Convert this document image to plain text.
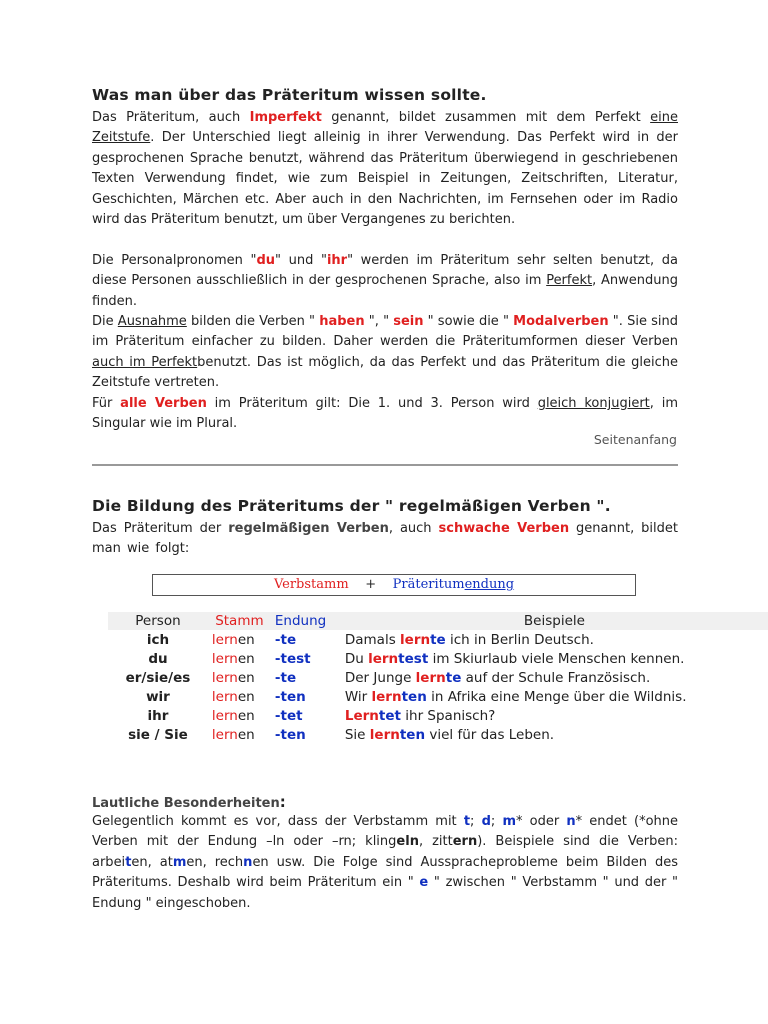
Was man über das Präteritum wissen sollte.

Das Präteritum, auch Imperfekt genannt, bildet zusammen mit dem Perfekt eine Zeitstufe. Der Unterschied liegt alleinig in ihrer Verwendung. Das Perfekt wird in der gesprochenen Sprache benutzt, während das Präteritum überwiegend in geschriebenen Texten Verwendung findet, wie zum Beispiel in Zeitungen, Zeitschriften, Literatur, Geschichten, Märchen etc. Aber auch in den Nachrichten, im Fernsehen oder im Radio wird das Präteritum benutzt, um über Vergangenes zu berichten.

Die Personalpronomen "du" und "ihr" werden im Präteritum sehr selten benutzt, da diese Personen ausschließlich in der gesprochenen Sprache, also im Perfekt, Anwendung finden.

Die Ausnahme bilden die Verben " haben ", " sein " sowie die " Modalverben ". Sie sind im Präteritum einfacher zu bilden. Daher werden die Präteritumformen dieser Verben auch im Perfektbenutzt. Das ist möglich, da das Perfekt und das Präteritum die gleiche Zeitstufe vertreten.

Für alle Verben im Präteritum gilt: Die 1. und 3. Person wird gleich konjugiert, im Singular wie im Plural.

Seitenanfang
Die Bildung des Präteritums der " regelmäßigen Verben ".

Das Präteritum der regelmäßigen Verben, auch schwache Verben genannt, bildet man wie folgt:

Verbstamm + Präteritumendung
Person	Stamm	Endung	Beispiele
ich	lernen	-te	Damals lernte ich in Berlin Deutsch.
du	lernen	-test	Du lerntest im Skiurlaub viele Menschen kennen.
er/sie/es	lernen	-te	Der Junge lernte auf der Schule Französisch.
wir	lernen	-ten	Wir lernten in Afrika eine Menge über die Wildnis.
ihr	lernen	-tet	Lerntet ihr Spanisch?
sie / Sie	lernen	-ten	Sie lernten viel für das Leben.
Lautliche Besonderheiten:

Gelegentlich kommt es vor, dass der Verbstamm mit t; d; m* oder n* endet (*ohne Verben mit der Endung –ln oder –rn; klingeln, zittern). Beispiele sind die Verben: arbeiten, atmen, rechnen usw. Die Folge sind Ausspracheprobleme beim Bilden des Präteritums. Deshalb wird beim Präteritum ein " e " zwischen " Verbstamm " und der " Endung " eingeschoben.
